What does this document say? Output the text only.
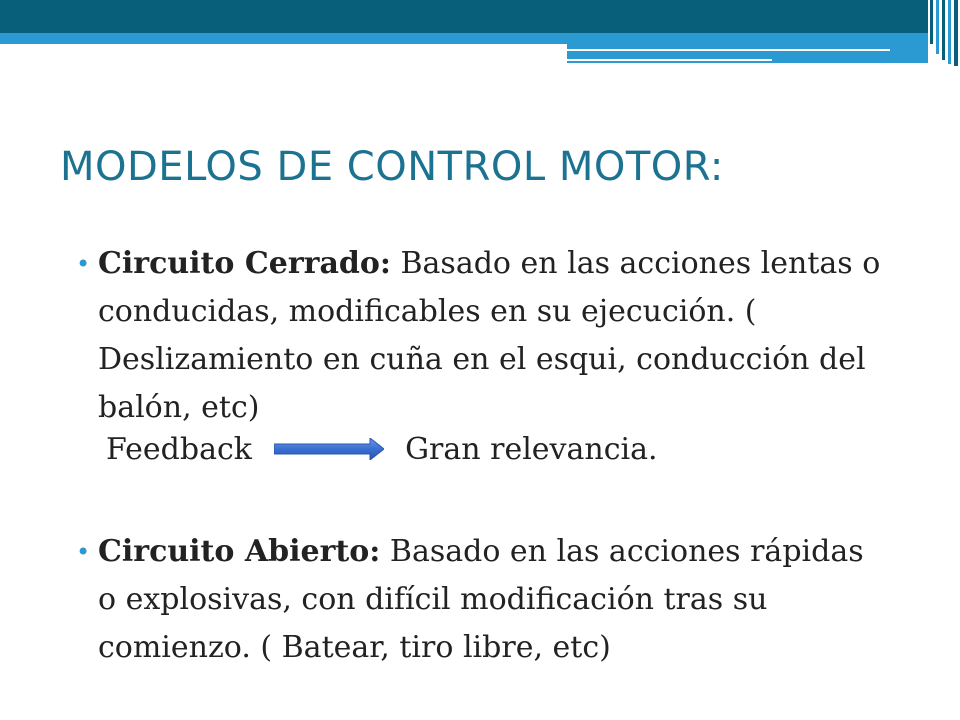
MODELOS DE CONTROL MOTOR:
• Circuito Cerrado: Basado en las acciones lentas o conducidas, modificables en su ejecución. ( Deslizamiento en cuña en el esqui, conducción del balón, etc)
Feedback	Gran relevancia.
• Circuito Abierto: Basado en las acciones rápidas o explosivas, con difícil modificación tras su comienzo. ( Batear, tiro libre, etc)
